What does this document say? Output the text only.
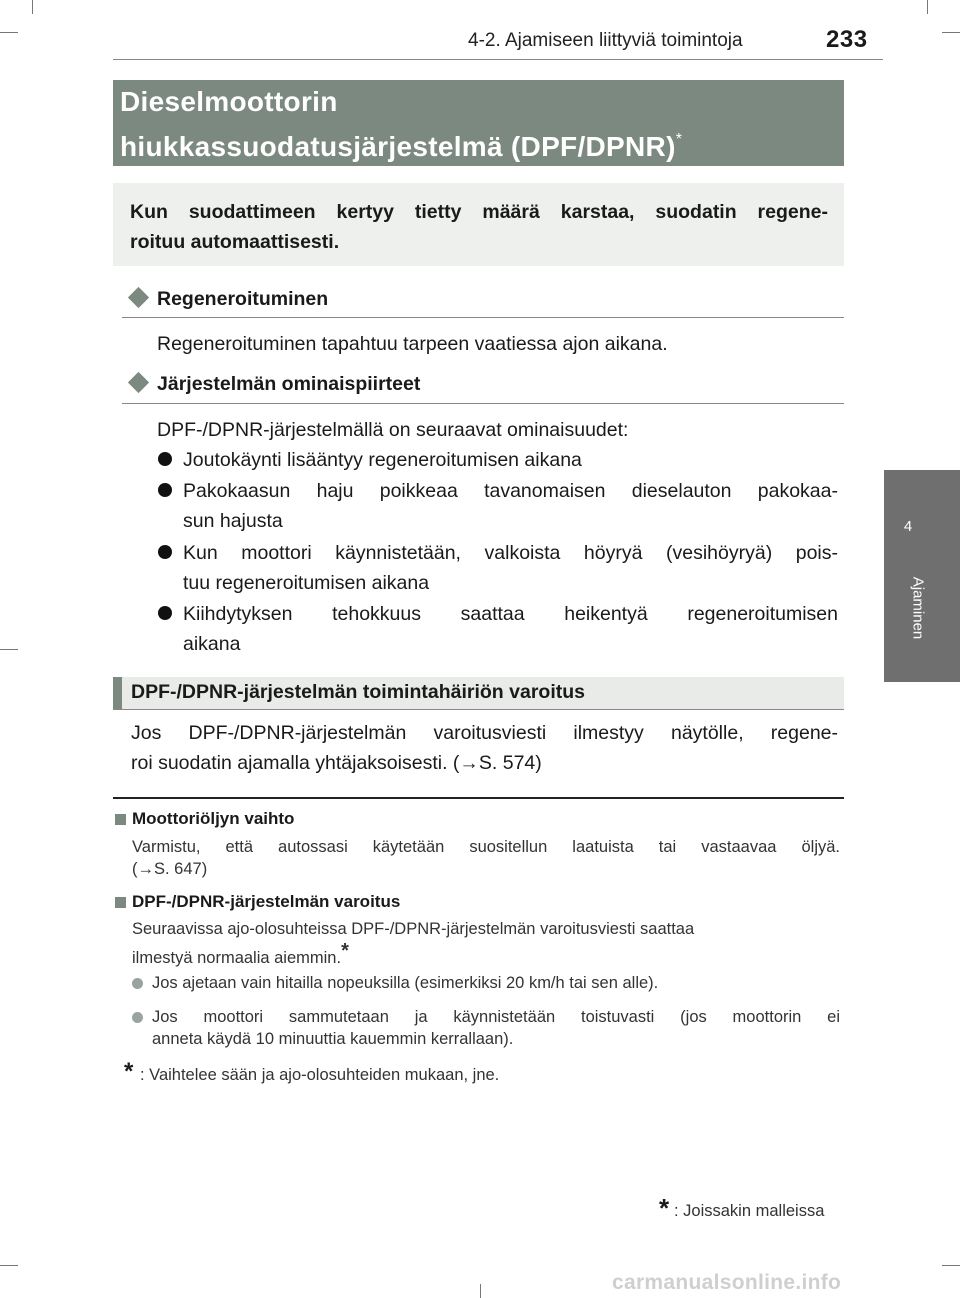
4-2. Ajamiseen liittyviä toimintoja	233
4
Ajaminen
Dieselmoottorin
hiukkassuodatusjärjestelmä (DPF/DPNR)*
Kun suodattimeen kertyy tietty määrä karstaa, suodatin regene-
roituu automaattisesti.
Regeneroituminen
Regeneroituminen tapahtuu tarpeen vaatiessa ajon aikana.
Järjestelmän ominaispiirteet
DPF-/DPNR-järjestelmällä on seuraavat ominaisuudet:
Joutokäynti lisääntyy regeneroitumisen aikana
Pakokaasun haju poikkeaa tavanomaisen dieselauton pakokaa-
sun hajusta
Kun moottori käynnistetään, valkoista höyryä (vesihöyryä) pois-
tuu regeneroitumisen aikana
Kiihdytyksen tehokkuus saattaa heikentyä regeneroitumisen
aikana
DPF-/DPNR-järjestelmän toimintahäiriön varoitus
Jos DPF-/DPNR-järjestelmän varoitusviesti ilmestyy näytölle, regene-
roi suodatin ajamalla yhtäjaksoisesti. (→S. 574)
Moottoriöljyn vaihto
Varmistu, että autossasi käytetään suositellun laatuista tai vastaavaa öljyä.
(→S. 647)
DPF-/DPNR-järjestelmän varoitus
Seuraavissa ajo-olosuhteissa DPF-/DPNR-järjestelmän varoitusviesti saattaa
ilmestyä normaalia aiemmin.*
Jos ajetaan vain hitailla nopeuksilla (esimerkiksi 20 km/h tai sen alle).
Jos moottori sammutetaan ja käynnistetään toistuvasti (jos moottorin ei
anneta käydä 10 minuuttia kauemmin kerrallaan).
* : Vaihtelee sään ja ajo-olosuhteiden mukaan, jne.
* : Joissakin malleissa
carmanualsonline.info
